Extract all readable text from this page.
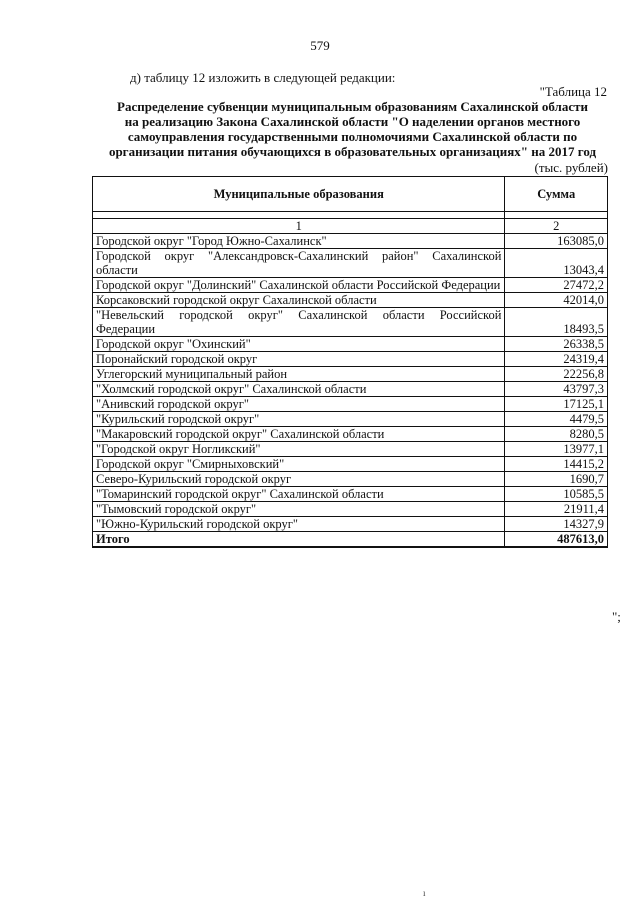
579
д) таблицу 12 изложить в следующей редакции:
"Таблица 12
Распределение субвенции муниципальным образованиям Сахалинской области
на реализацию Закона Сахалинской области "О наделении органов местного
самоуправления государственными полномочиями Сахалинской области по
организации питания обучающихся в образовательных организациях" на 2017 год
(тыс. рублей)
Муниципальные образования	Сумма

1	2
Городской округ "Город Южно-Сахалинск"	163085,0
Городской округ "Александровск-Сахалинский район" Сахалинской области	13043,4
Городской округ "Долинский" Сахалинской области Российской Федерации	27472,2
Корсаковский городской округ Сахалинской области	42014,0
"Невельский городской округ" Сахалинской области Российской Федерации	18493,5
Городской округ "Охинский"	26338,5
Поронайский городской округ	24319,4
Углегорский муниципальный район	22256,8
"Холмский городской округ" Сахалинской области	43797,3
"Анивский городской округ"	17125,1
"Курильский городской округ"	4479,5
"Макаровский городской округ" Сахалинской области	8280,5
"Городской округ Ногликский"	13977,1
Городской округ "Смирныховский"	14415,2
Северо-Курильский городской округ	1690,7
"Томаринский городской округ" Сахалинской области	10585,5
"Тымовский городской округ"	21911,4
"Южно-Курильский городской округ"	14327,9
Итого	487613,0
";
ı
